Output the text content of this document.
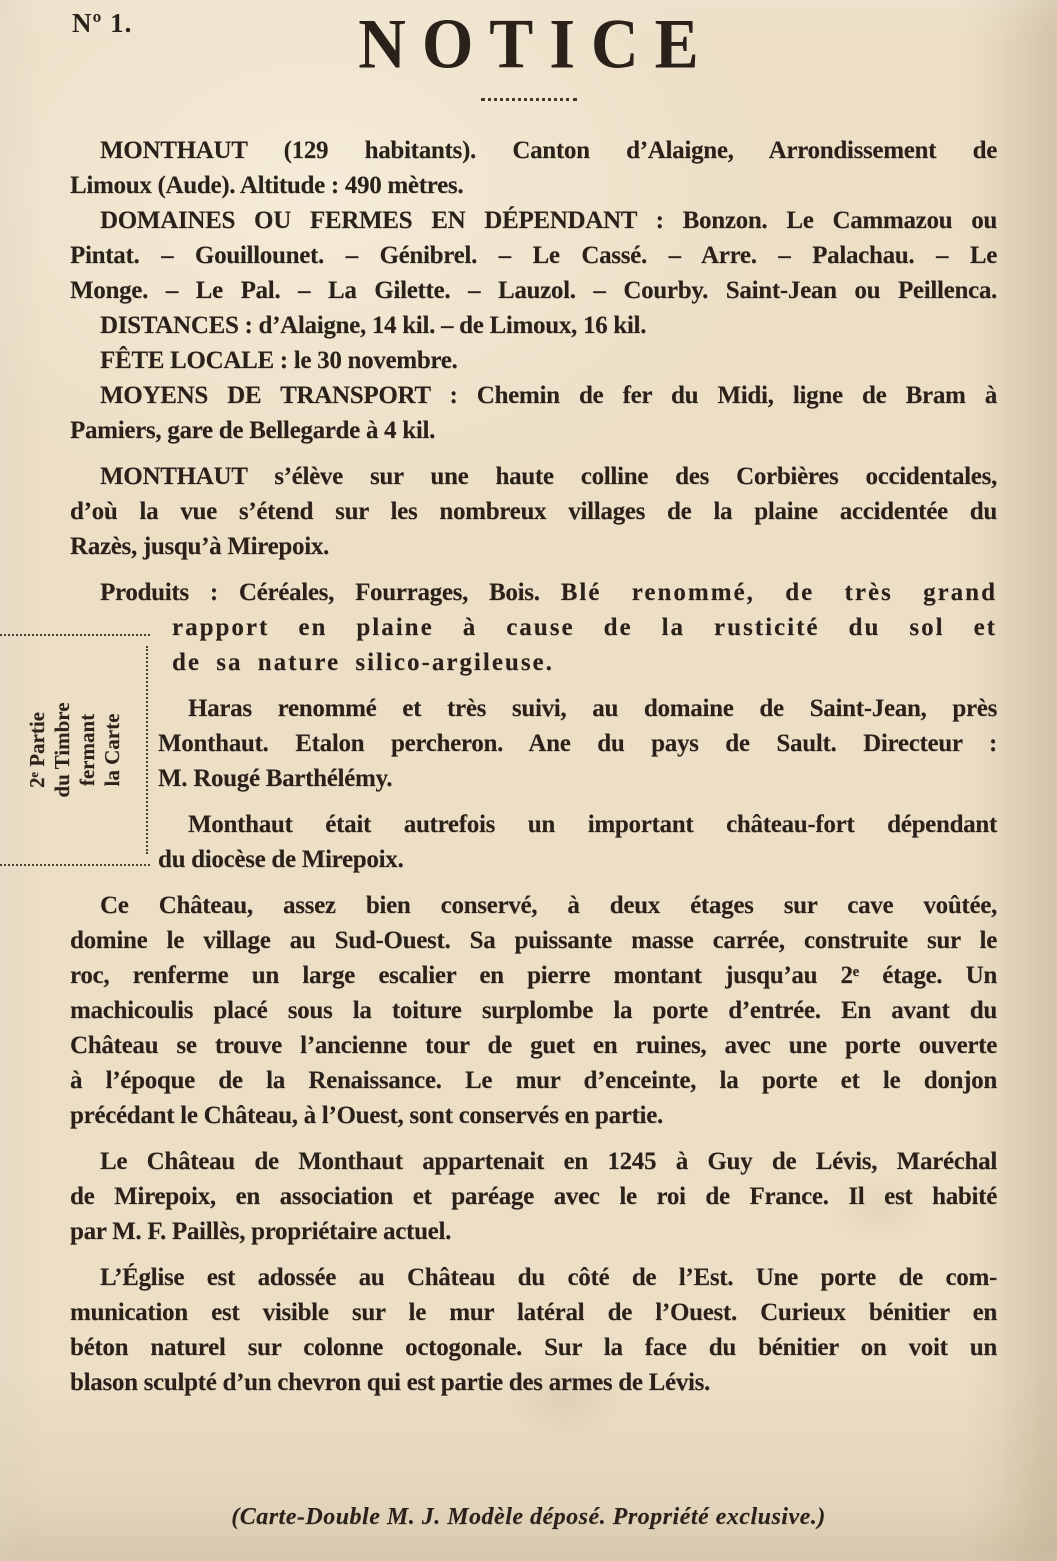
Nº 1.	NOTICE
2ᵉ Partie du Timbre fermant la Carte
MONTHAUT (129 habitants). Canton d’Alaigne, Arrondissement de
Limoux (Aude). Altitude : 490 mètres.
DOMAINES OU FERMES EN DÉPENDANT : Bonzon. Le Cammazou ou
Pintat. – Gouillounet. – Génibrel. – Le Cassé. – Arre. – Palachau. – Le
Monge. – Le Pal. – La Gilette. – Lauzol. – Courby. Saint-Jean ou Peillenca.
DISTANCES : d’Alaigne, 14 kil. – de Limoux, 16 kil.
FÊTE LOCALE : le 30 novembre.
MOYENS DE TRANSPORT : Chemin de fer du Midi, ligne de Bram à
Pamiers, gare de Bellegarde à 4 kil.
MONTHAUT s’élève sur une haute colline des Corbières occidentales,
d’où la vue s’étend sur les nombreux villages de la plaine accidentée du
Razès, jusqu’à Mirepoix.
Produits : Céréales, Fourrages, Bois. Blé renommé, de très grand
rapport en plaine à cause de la rusticité du sol et
de sa nature silico-argileuse.
Haras renommé et très suivi, au domaine de Saint-Jean, près
Monthaut. Etalon percheron. Ane du pays de Sault. Directeur :
M. Rougé Barthélémy.
Monthaut était autrefois un important château-fort dépendant
du diocèse de Mirepoix.
Ce Château, assez bien conservé, à deux étages sur cave voûtée,
domine le village au Sud-Ouest. Sa puissante masse carrée, construite sur le
roc, renferme un large escalier en pierre montant jusqu’au 2ᵉ étage. Un
machicoulis placé sous la toiture surplombe la porte d’entrée. En avant du
Château se trouve l’ancienne tour de guet en ruines, avec une porte ouverte
à l’époque de la Renaissance. Le mur d’enceinte, la porte et le donjon
précédant le Château, à l’Ouest, sont conservés en partie.
Le Château de Monthaut appartenait en 1245 à Guy de Lévis, Maréchal
de Mirepoix, en association et paréage avec le roi de France. Il est habité
par M. F. Paillès, propriétaire actuel.
L’Église est adossée au Château du côté de l’Est. Une porte de com-
munication est visible sur le mur latéral de l’Ouest. Curieux bénitier en
béton naturel sur colonne octogonale. Sur la face du bénitier on voit un
blason sculpté d’un chevron qui est partie des armes de Lévis.
(Carte-Double M. J. Modèle déposé. Propriété exclusive.)
